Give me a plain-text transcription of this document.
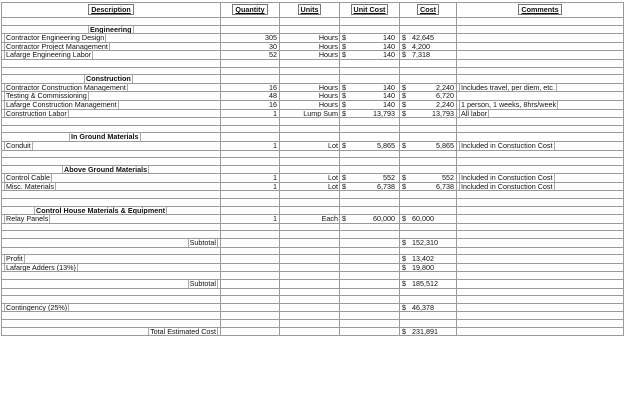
Description	Quantity	Units	Unit Cost	Cost	Comments

Engineering					
Contractor Engineering Design	305	Hours	$ 140	$ 42,645	

Contractor Project Management	30	Hours	$ 140	$ 4,200	

Lafarge Engineering Labor	52	Hours	$ 140	$ 7,318	

Construction					
Contractor Construction Management	16	Hours	$ 140	$ 2,240	Includes travel, per diem, etc.
Testing & Commissioning	48	Hours	$ 140	$ 6,720	

Lafarge Construction Management	16	Hours	$ 140	$ 2,240	1 person, 1 weeks, 8hrs/week
Construction Labor	1	Lump Sum	$ 13,793	$ 13,793	All labor

In Ground Materials					
Conduit	1	Lot	$ 5,865	$ 5,865	Included in Constuction Cost

Above Ground Materials					
Control Cable	1	Lot	$ 552	$ 552	Included in Constuction Cost
Misc. Materials	1	Lot	$ 6,738	$ 6,738	Included in Constuction Cost

Control House Materials & Equipment					
Relay Panels	1	Each	$ 60,000	$ 60,000	

Subtotal				$ 152,310	

Profit				$ 13,402	

Lafarge Adders (13%)				$ 19,800	

Subtotal				$ 185,512	

Contingency (25%)				$ 46,378	

Total Estimated Cost				$ 231,891	
